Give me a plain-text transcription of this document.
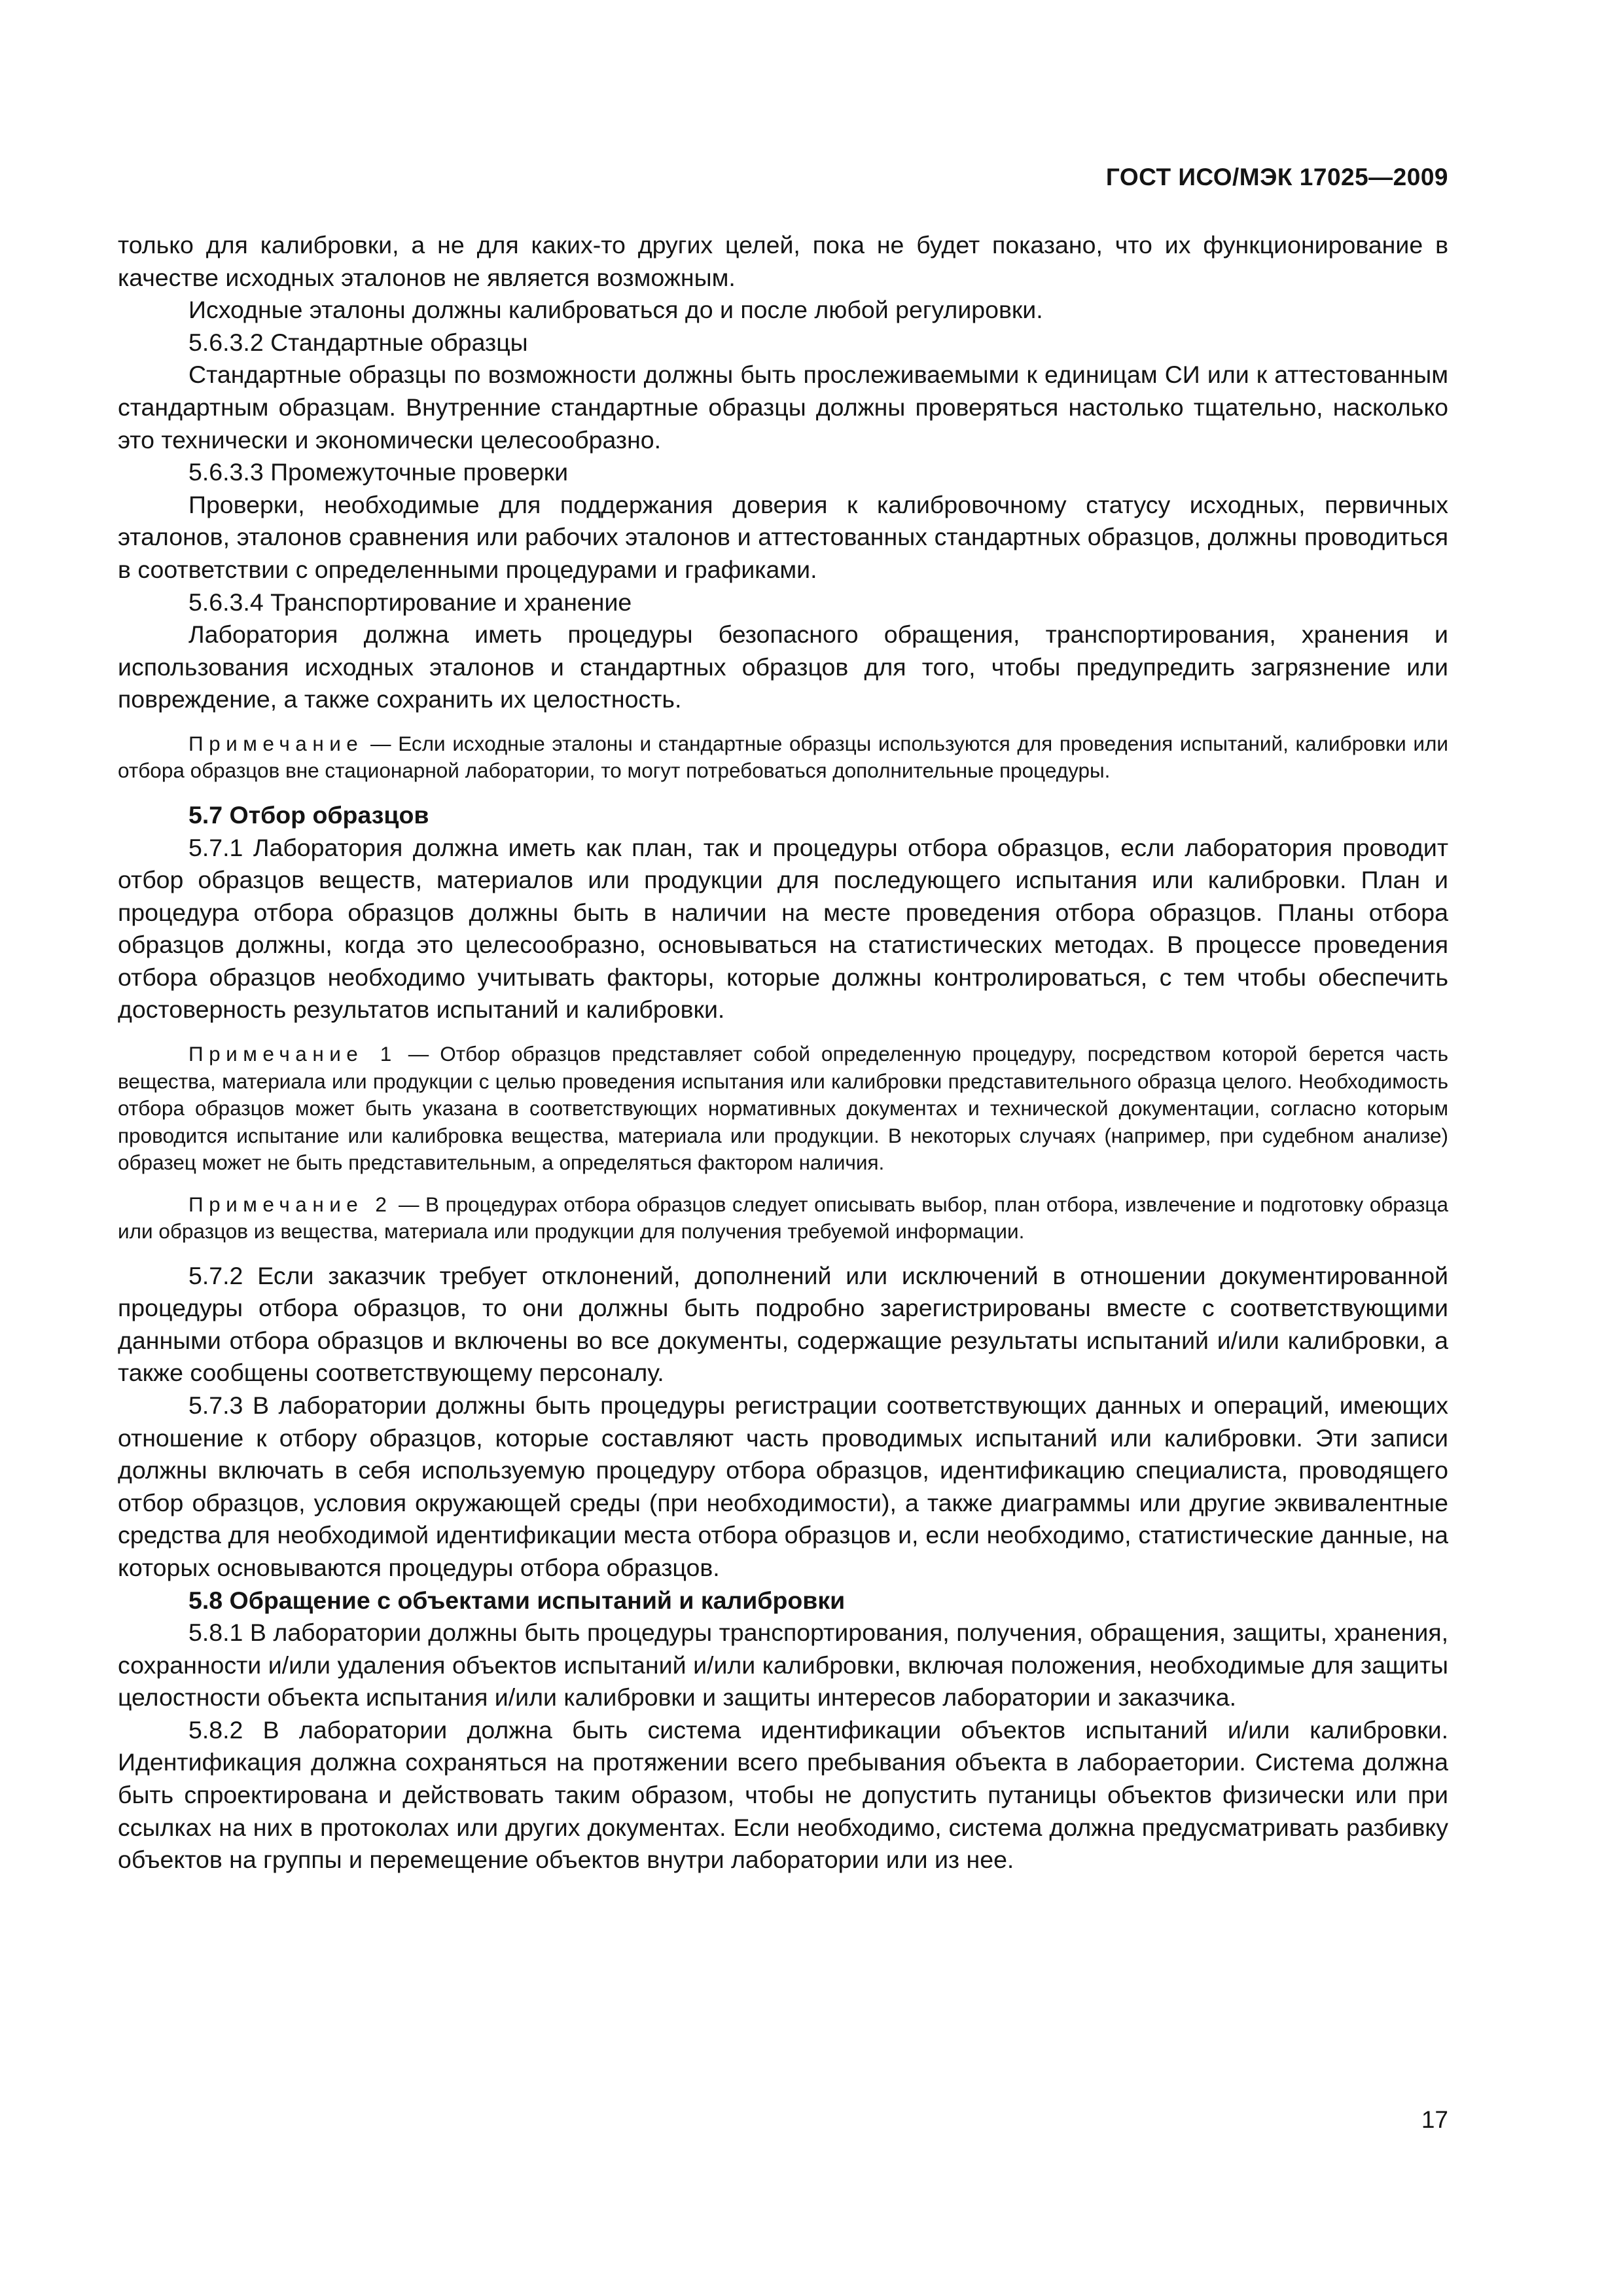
ГОСТ ИСО/МЭК 17025—2009

только для калибровки, а не для каких-то других целей, пока не будет показано, что их функционирование в качестве исходных эталонов не является возможным.

Исходные эталоны должны калиброваться до и после любой регулировки.

5.6.3.2 Стандартные образцы

Стандартные образцы по возможности должны быть прослеживаемыми к единицам СИ или к аттестованным стандартным образцам. Внутренние стандартные образцы должны проверяться настолько тщательно, насколько это технически и экономически целесообразно.

5.6.3.3 Промежуточные проверки

Проверки, необходимые для поддержания доверия к калибровочному статусу исходных, первичных эталонов, эталонов сравнения или рабочих эталонов и аттестованных стандартных образцов, должны проводиться в соответствии с определенными процедурами и графиками.

5.6.3.4 Транспортирование и хранение

Лаборатория должна иметь процедуры безопасного обращения, транспортирования, хранения и использования исходных эталонов и стандартных образцов для того, чтобы предупредить загрязнение или повреждение, а также сохранить их целостность.

Примечание — Если исходные эталоны и стандартные образцы используются для проведения испытаний, калибровки или отбора образцов вне стационарной лаборатории, то могут потребоваться дополнительные процедуры.

5.7 Отбор образцов

5.7.1 Лаборатория должна иметь как план, так и процедуры отбора образцов, если лаборатория проводит отбор образцов веществ, материалов или продукции для последующего испытания или калибровки. План и процедура отбора образцов должны быть в наличии на месте проведения отбора образцов. Планы отбора образцов должны, когда это целесообразно, основываться на статистических методах. В процессе проведения отбора образцов необходимо учитывать факторы, которые должны контролироваться, с тем чтобы обеспечить достоверность результатов испытаний и калибровки.

Примечание 1 — Отбор образцов представляет собой определенную процедуру, посредством которой берется часть вещества, материала или продукции с целью проведения испытания или калибровки представительного образца целого. Необходимость отбора образцов может быть указана в соответствующих нормативных документах и технической документации, согласно которым проводится испытание или калибровка вещества, материала или продукции. В некоторых случаях (например, при судебном анализе) образец может не быть представительным, а определяться фактором наличия.

Примечание 2 — В процедурах отбора образцов следует описывать выбор, план отбора, извлечение и подготовку образца или образцов из вещества, материала или продукции для получения требуемой информации.

5.7.2 Если заказчик требует отклонений, дополнений или исключений в отношении документированной процедуры отбора образцов, то они должны быть подробно зарегистрированы вместе с соответствующими данными отбора образцов и включены во все документы, содержащие результаты испытаний и/или калибровки, а также сообщены соответствующему персоналу.

5.7.3 В лаборатории должны быть процедуры регистрации соответствующих данных и операций, имеющих отношение к отбору образцов, которые составляют часть проводимых испытаний или калибровки. Эти записи должны включать в себя используемую процедуру отбора образцов, идентификацию специалиста, проводящего отбор образцов, условия окружающей среды (при необходимости), а также диаграммы или другие эквивалентные средства для необходимой идентификации места отбора образцов и, если необходимо, статистические данные, на которых основываются процедуры отбора образцов.

5.8 Обращение с объектами испытаний и калибровки

5.8.1 В лаборатории должны быть процедуры транспортирования, получения, обращения, защиты, хранения, сохранности и/или удаления объектов испытаний и/или калибровки, включая положения, необходимые для защиты целостности объекта испытания и/или калибровки и защиты интересов лаборатории и заказчика.

5.8.2 В лаборатории должна быть система идентификации объектов испытаний и/или калибровки. Идентификация должна сохраняться на протяжении всего пребывания объекта в лабораетории. Система должна быть спроектирована и действовать таким образом, чтобы не допустить путаницы объектов физически или при ссылках на них в протоколах или других документах. Если необходимо, система должна предусматривать разбивку объектов на группы и перемещение объектов внутри лаборатории или из нее.

17
